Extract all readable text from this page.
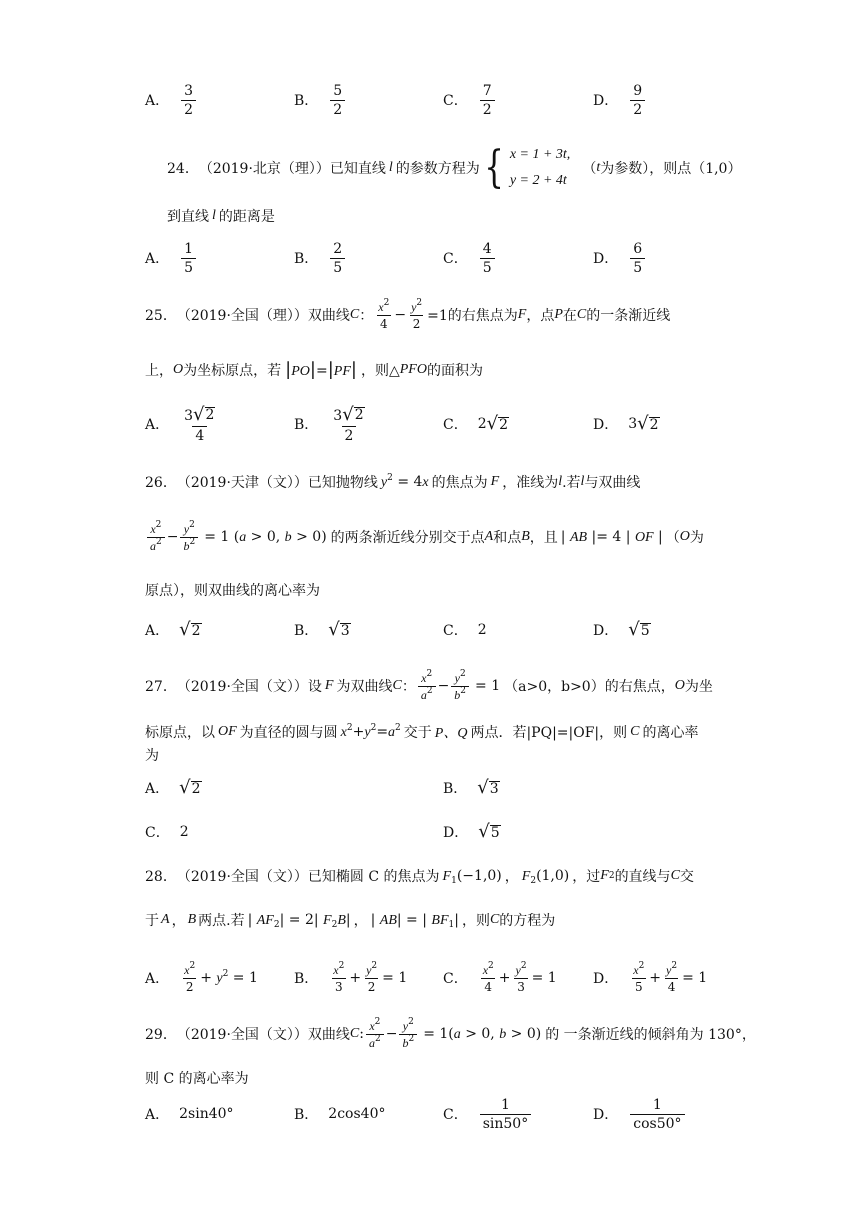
A． $\frac{3}{2}$	B． $\frac{5}{2}$	C． $\frac{7}{2}$	D． $\frac{9}{2}$
24． （2019·北京（理）） 已知直线 l 的参数方程为 { x = 1 + 3t,
y = 2 + 4t
（ t 为参数），则点（1,0）
到直线 l 的距离是
A． $\frac{1}{5}$	B． $\frac{2}{5}$	C． $\frac{4}{5}$	D． $\frac{6}{5}$
25． （2019·全国（理）） 双曲线 C ： $\frac{x^2}{4} - \frac{y^2}{2} =1$的右焦点为 F ，点 P 在 C 的一条渐近线
上， O 为坐标原点，若 |PO|=|PF| ，则△ PFO 的面积为
A． $\frac{3 √ 2}{4}$	B． $\frac{3 √ 2}{2}$	C． 2 √ 2	D． 3 √ 2
26． （2019·天津（文）） 已知抛物线 $y^2 = 4x$ 的焦点为 F ，准线为 l .若 l 与双曲线
$\frac{x^2}{a^2} - \frac{y^2}{b^2} = 1$ (a > 0, b > 0) 的两条渐近线分别交于点 A 和点 B ，且 | AB |= 4 | OF | （ O 为
原点），则双曲线的离心率为
A． √ 2	B． √ 3	C． 2	D． √ 5
27． （2019·全国（文）） 设 F 为双曲线 C ： $\frac{x^2}{a^2} - \frac{y^2}{b^2} = 1$ （a>0，b>0）的右焦点， O 为坐
标原点，以 OF 为直径的圆与圆 $x^2+y^2=a^2$ 交于 P、Q 两点．若|PQ|=|OF|，则 C 的离心率
为
A． √ 2	B． √ 3
C． 2	D． √ 5
28． （2019·全国（文）） 已知椭圆 C 的焦点为 $F_1(-1,0)$ ， $F_2(1,0)$ ，过 F 2 的直线与 C 交
于 A ， B 两点.若 | $AF_2| = 2|$ $F_2B|$ ， | AB| = | $BF_1|$ ，则 C 的方程为
A． $\frac{x^2}{2} + y^2 = 1$	B． $\frac{x^2}{3} + \frac{y^2}{2} = 1$	C． $\frac{x^2}{4} + \frac{y^2}{3} = 1$	D． $\frac{x^2}{5} + \frac{y^2}{4} = 1$
29． （2019·全国（文）） 双曲线 C : $\frac{x^2}{a^2} - \frac{y^2}{b^2} = 1(a > 0$, b > 0) 的 一条渐近线的倾斜角为 130°，
则 C 的离心率为
A． 2sin40°	B． 2cos40°	C． $\frac{1}{\sin 50^\circ}$	D． $\frac{1}{\cos 50^\circ}$
